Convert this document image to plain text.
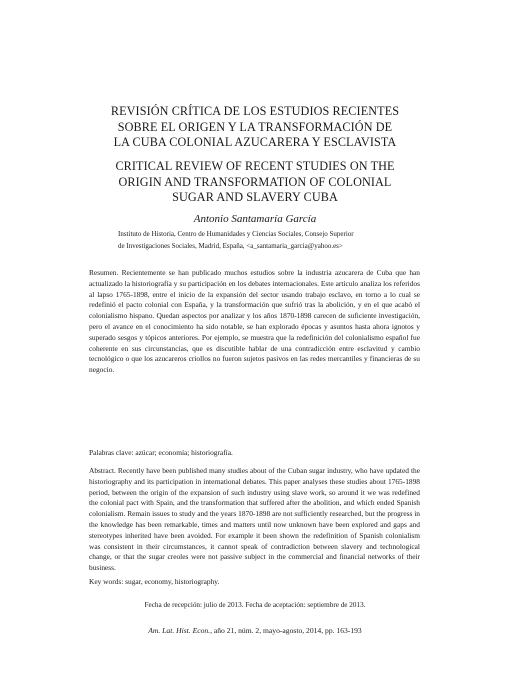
REVISIÓN CRÍTICA DE LOS ESTUDIOS RECIENTES
SOBRE EL ORIGEN Y LA TRANSFORMACIÓN DE
LA CUBA COLONIAL AZUCARERA Y ESCLAVISTA
CRITICAL REVIEW OF RECENT STUDIES ON THE
ORIGIN AND TRANSFORMATION OF COLONIAL
SUGAR AND SLAVERY CUBA
Antonio Santamaría García
Instituto de Historia, Centro de Humanidades y Ciencias Sociales, Consejo Superior
de Investigaciones Sociales, Madrid, España, <a_santamaria_garcia@yahoo.es>

Resumen. Recientemente se han publicado muchos estudios sobre la industria azucarera de Cuba que han actualizado la historiografía y su participación en los debates internacionales. Este artículo analiza los referidos al lapso 1765-1898, entre el inicio de la expansión del sector usando trabajo esclavo, en torno a lo cual se redefinió el pacto colonial con España, y la transformación que sufrió tras la abolición, y en el que acabó el colonialismo hispano. Quedan aspectos por analizar y los años 1870-1898 carecen de suficiente investigación, pero el avance en el conocimiento ha sido notable, se han explorado épocas y asuntos hasta ahora ignotos y superado sesgos y tópicos anteriores. Por ejemplo, se muestra que la redefinición del colonialismo español fue coherente en sus circunstancias, que es discutible hablar de una contradicción entre esclavitud y cambio tecnológico o que los azucareros criollos no fueron sujetos pasivos en las redes mercantiles y financieras de su negocio.

Palabras clave: azúcar; economía; historiografía.

Abstract. Recently have been published many studies about of the Cuban sugar industry, who have updated the historiography and its participation in international debates. This paper analyses these studies about 1765-1898 period, between the origin of the expansion of such industry using slave work, so around it we was redefined the colonial pact with Spain, and the transformation that suffered after the abolition, and which ended Spanish colonialism. Remain issues to study and the years 1870-1898 are not sufficiently researched, but the progress in the knowledge has been remarkable, times and matters until now unknown have been explored and gaps and stereotypes inherited have been avoided. For example it been shown the redefinition of Spanish colonialism was consistent in their circumstances, it cannot speak of contradiction between slavery and technological change, or that the sugar creoles were not passive subject in the commercial and financial networks of their business.

Key words: sugar, economy, historiography.

Fecha de recepción: julio de 2013. Fecha de aceptación: septiembre de 2013.
Am. Lat. Hist. Econ., año 21, núm. 2, mayo-agosto, 2014, pp. 163-193
